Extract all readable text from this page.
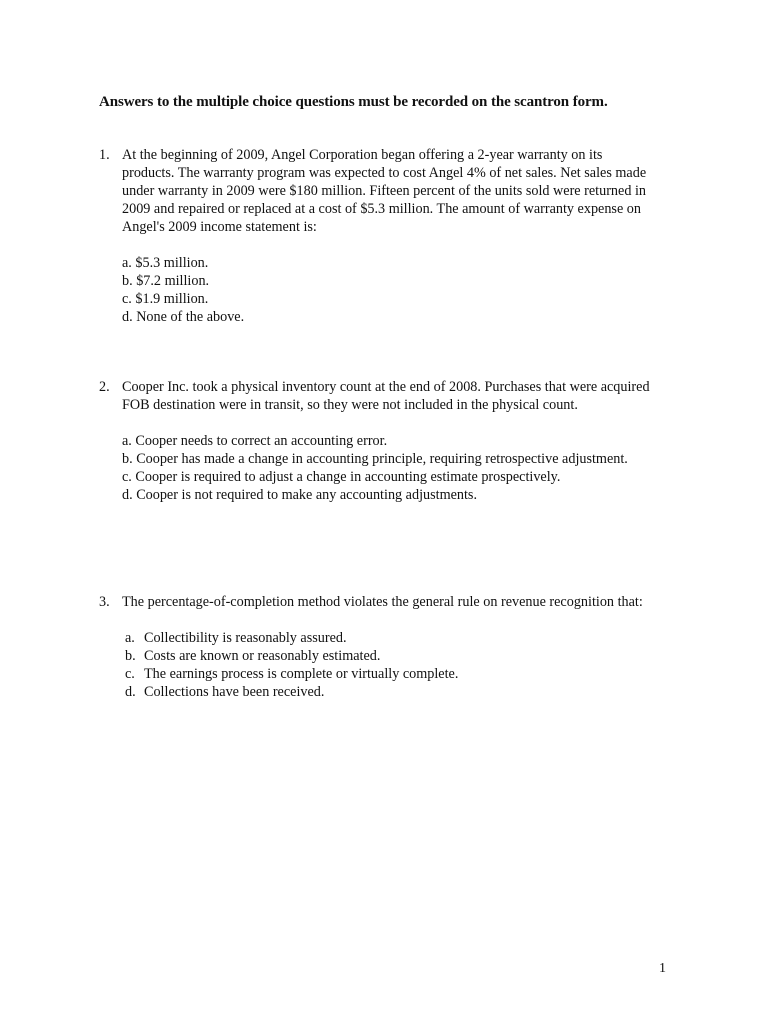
Answers to the multiple choice questions must be recorded on the scantron form.
1. At the beginning of 2009, Angel Corporation began offering a 2-year warranty on its products. The warranty program was expected to cost Angel 4% of net sales. Net sales made under warranty in 2009 were $180 million. Fifteen percent of the units sold were returned in 2009 and repaired or replaced at a cost of $5.3 million. The amount of warranty expense on Angel's 2009 income statement is:
a. $5.3 million.
b. $7.2 million.
c. $1.9 million.
d. None of the above.
2. Cooper Inc. took a physical inventory count at the end of 2008. Purchases that were acquired FOB destination were in transit, so they were not included in the physical count.
a. Cooper needs to correct an accounting error.
b. Cooper has made a change in accounting principle, requiring retrospective adjustment.
c. Cooper is required to adjust a change in accounting estimate prospectively.
d. Cooper is not required to make any accounting adjustments.
3. The percentage-of-completion method violates the general rule on revenue recognition that:
a. Collectibility is reasonably assured.
b. Costs are known or reasonably estimated.
c. The earnings process is complete or virtually complete.
d. Collections have been received.
1
